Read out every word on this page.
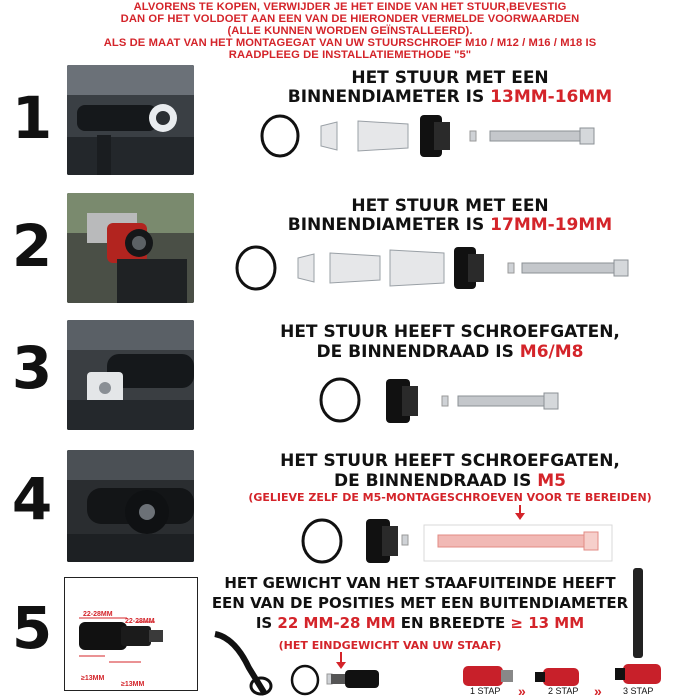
ALVORENS TE KOPEN, VERWIJDER JE HET EINDE VAN HET STUUR,BEVESTIG
DAN OF HET VOLDOET AAN EEN VAN DE HIERONDER VERMELDE VOORWAARDEN
(ALLE KUNNEN WORDEN GEÏNSTALLEERD).
ALS DE MAAT VAN HET MONTAGEGAT VAN UW STUURSCHROEF M10 / M12 / M16 / M18 IS
RAADPLEEG DE INSTALLATIEMETHODE "5"
1
HET STUUR MET EEN
BINNENDIAMETER IS 13MM-16MM
2
HET STUUR MET EEN
BINNENDIAMETER IS 17MM-19MM
3
HET STUUR HEEFT SCHROEFGATEN,
DE BINNENDRAAD IS M6/M8
4
HET STUUR HEEFT SCHROEFGATEN,
DE BINNENDRAAD IS M5
(GELIEVE ZELF DE M5-MONTAGESCHROEVEN VOOR TE BEREIDEN)
5	22-28MM
22-28MM
≥13MM
≥13MM
HET GEWICHT VAN HET STAAFUITEINDE HEEFT
EEN VAN DE POSITIES MET EEN BUITENDIAMETER
IS 22 MM-28 MM EN BREEDTE ≥ 13 MM
(HET EINDGEWICHT VAN UW STAAF)
1 STAP » 2 STAP » 3 STAP
